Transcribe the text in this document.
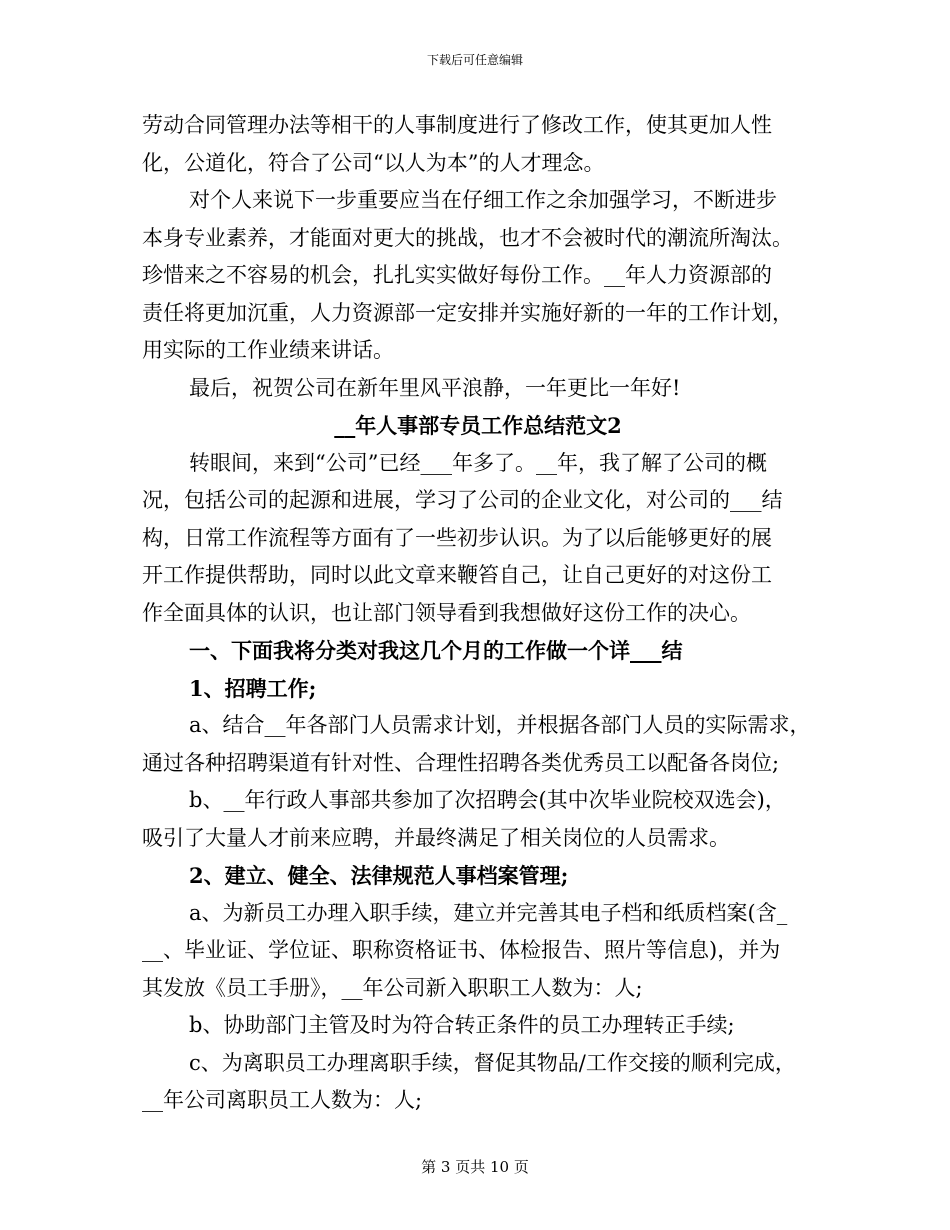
下载后可任意编辑
劳动合同管理办法等相干的人事制度进行了修改工作，使其更加人性
化，公道化，符合了公司“以人为本”的人才理念。
对个人来说下一步重要应当在仔细工作之余加强学习，不断进步
本身专业素养，才能面对更大的挑战，也才不会被时代的潮流所淘汰。
珍惜来之不容易的机会，扎扎实实做好每份工作。__年人力资源部的
责任将更加沉重，人力资源部一定安排并实施好新的一年的工作计划，
用实际的工作业绩来讲话。
最后，祝贺公司在新年里风平浪静，一年更比一年好!
__年人事部专员工作总结范文2
转眼间，来到“公司”已经___年多了。__年，我了解了公司的概
况，包括公司的起源和进展，学习了公司的企业文化，对公司的___结
构，日常工作流程等方面有了一些初步认识。为了以后能够更好的展
开工作提供帮助，同时以此文章来鞭笞自己，让自己更好的对这份工
作全面具体的认识，也让部门领导看到我想做好这份工作的决心。
一、下面我将分类对我这几个月的工作做一个详___结
1、招聘工作;
a、结合__年各部门人员需求计划，并根据各部门人员的实际需求，
通过各种招聘渠道有针对性、合理性招聘各类优秀员工以配备各岗位;
b、__年行政人事部共参加了次招聘会(其中次毕业院校双选会)，
吸引了大量人才前来应聘，并最终满足了相关岗位的人员需求。
2、建立、健全、法律规范人事档案管理;
a、为新员工办理入职手续，建立并完善其电子档和纸质档案(含_
__、毕业证、学位证、职称资格证书、体检报告、照片等信息)，并为
其发放《员工手册》，__年公司新入职职工人数为：人;
b、协助部门主管及时为符合转正条件的员工办理转正手续;
c、为离职员工办理离职手续，督促其物品/工作交接的顺利完成，
__年公司离职员工人数为：人;
第 3 页共 10 页
